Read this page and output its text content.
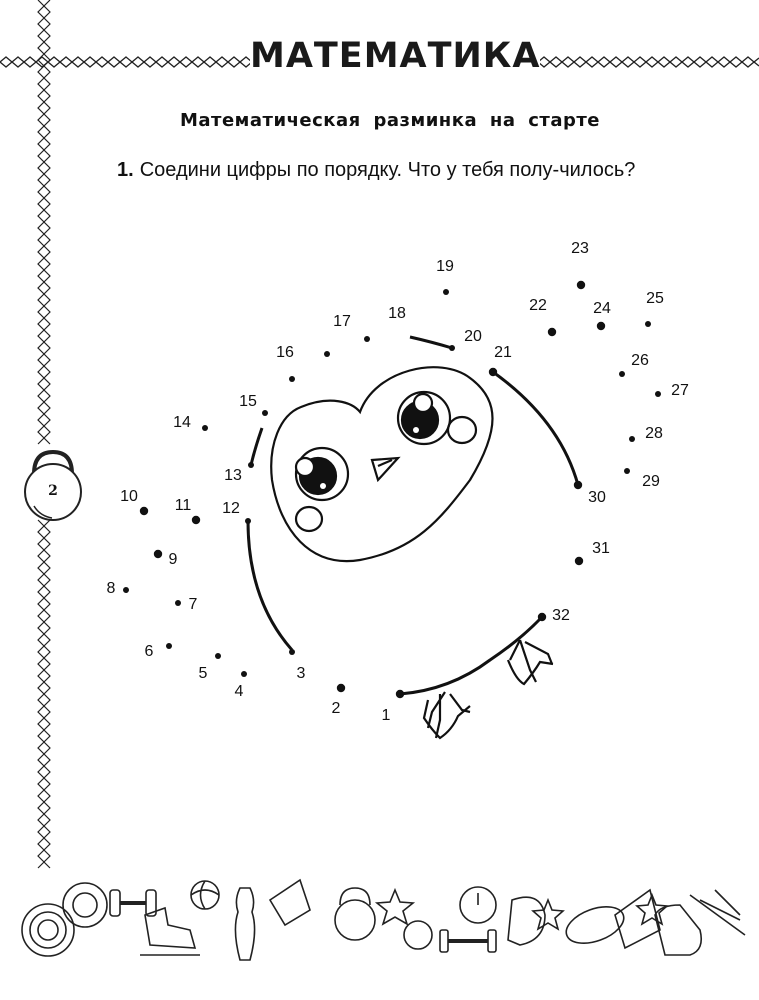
МАТЕМАТИКА
Математическая разминка на старте
1. Соедини цифры по порядку. Что у тебя полу-чилось?
2
1
2
3
4
5
6
7
8
9
10
11 12
13
14
15
16
17 18
19
20
21
22
23
24
25
26
27
28
29
30
31
32
